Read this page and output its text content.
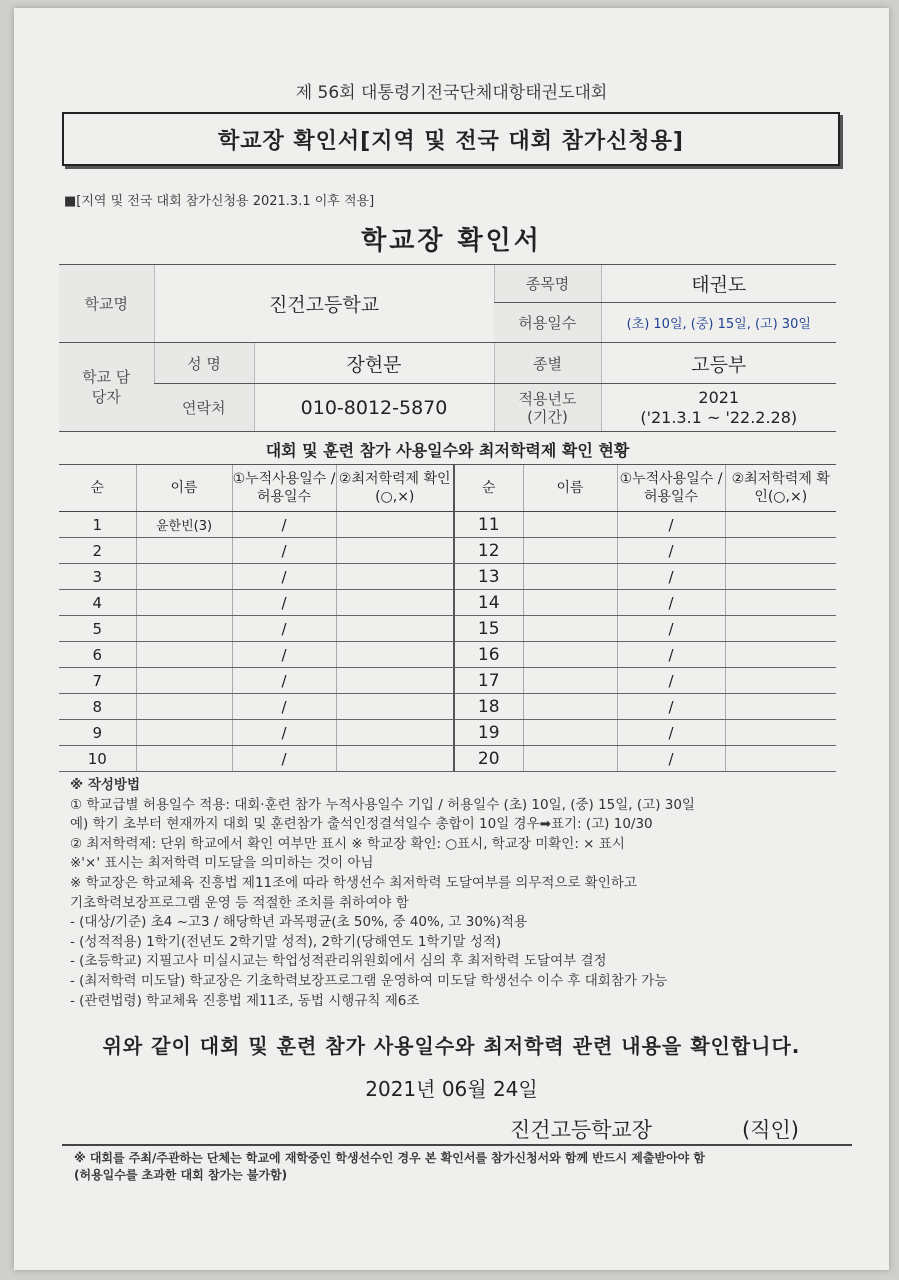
제 56회 대통령기전국단체대항태권도대회
학교장 확인서[지역 및 전국 대회 참가신청용]
■[지역 및 전국 대회 참가신청용 2021.3.1 이후 적용]
학교장 확인서
학교명	진건고등학교		종목명	태권도
			허용일수	(초) 10일, (중) 15일, (고) 30일
학교 담당자	성 명	장현문	종별	고등부
	연락처	010-8012-5870	적용년도 (기간)	2021
('21.3.1 ~ '22.2.28)
대회 및 훈련 참가 사용일수와 최저학력제 확인 현황
순	이름	①누적사용일수 /허용일수	②최저학력제 확인(○,×)	순	이름	①누적사용일수 /허용일수	②최저학력제 확인(○,×)
1	윤한빈(3)	/		11		/	
2		/		12		/	
3		/		13		/	
4		/		14		/	
5		/		15		/	
6		/		16		/	
7		/		17		/	
8		/		18		/	
9		/		19		/	
10		/		20		/	
※ 작성방법
① 학교급별 허용일수 적용: 대회·훈련 참가 누적사용일수 기입 / 허용일수 (초) 10일, (중) 15일, (고) 30일
예) 학기 초부터 현재까지 대회 및 훈련참가 출석인정결석일수 총합이 10일 경우➡표기: (고) 10/30
② 최저학력제: 단위 학교에서 확인 여부만 표시 ※ 학교장 확인: ○표시, 학교장 미확인: × 표시
※'×' 표시는 최저학력 미도달을 의미하는 것이 아님
※ 학교장은 학교체육 진흥법 제11조에 따라 학생선수 최저학력 도달여부를 의무적으로 확인하고
기초학력보장프로그램 운영 등 적절한 조치를 취하여야 함
- (대상/기준) 초4 ~고3 / 해당학년 과목평균(초 50%, 중 40%, 고 30%)적용
- (성적적용) 1학기(전년도 2학기말 성적), 2학기(당해연도 1학기말 성적)
- (초등학교) 지필고사 미실시교는 학업성적관리위원회에서 심의 후 최저학력 도달여부 결정
- (최저학력 미도달) 학교장은 기초학력보장프로그램 운영하여 미도달 학생선수 이수 후 대회참가 가능
- (관련법령) 학교체육 진흥법 제11조, 동법 시행규칙 제6조
위와 같이 대회 및 훈련 참가 사용일수와 최저학력 관련 내용을 확인합니다.
2021년 06월 24일
진건고등학교장	(직인)
※ 대회를 주최/주관하는 단체는 학교에 재학중인 학생선수인 경우 본 확인서를 참가신청서와 함께 반드시 제출받아야 함
(허용일수를 초과한 대회 참가는 불가함)
